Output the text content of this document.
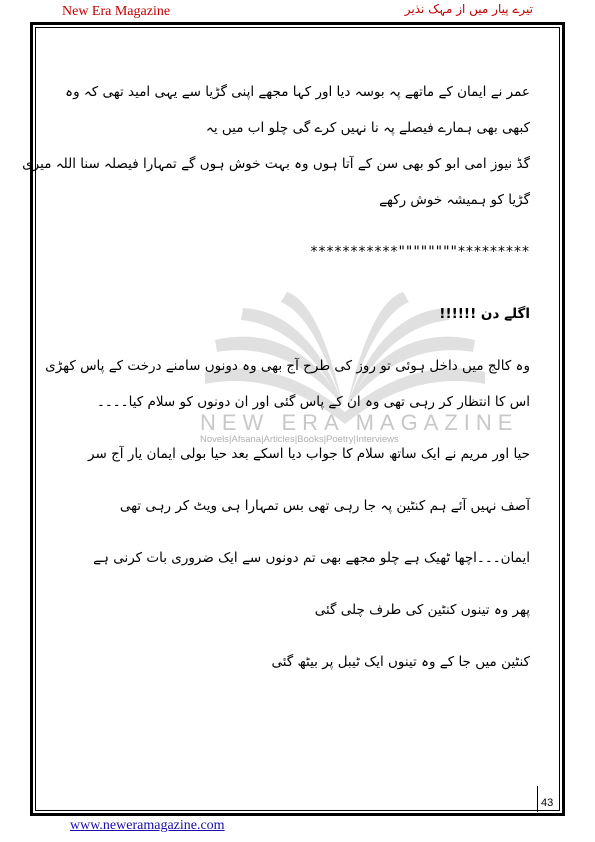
New Era Magazine	تیرے پیار میں از مہک نذیر
NEW ERA MAGAZINE
Novels|Afsana|Articles|Books|Poetry|Interviews
عمر نے ایمان کے ماتھے پہ بوسہ دیا اور کہا مجھے اپنی گڑیا سے یہی امید تھی کہ وہ
کبھی بھی ہمارے فیصلے پہ نا نہیں کرے گی چلو اب میں یہ
گڈ نیوز امی ابو کو بھی سن کے آتا ہوں وہ بہت خوش ہوں گے تمہارا فیصلہ سنا اللہ میری
گڑیا کو ہمیشہ خوش رکھے
***********""""""""*********
اگلے دن !!!!!!
وہ کالج میں داخل ہوئی تو روز کی طرح آج بھی وہ دونوں سامنے درخت کے پاس کھڑی
اس کا انتظار کر رہی تھی وہ ان کے پاس گئی اور ان دونوں کو سلام کیا۔۔۔۔
حیا اور مریم نے ایک ساتھ سلام کا جواب دیا اسکے بعد حیا بولی ایمان یار آج سر
آصف نہیں آئے ہم کنٹین پہ جا رہی تھی بس تمہارا ہی ویٹ کر رہی تھی
ایمان۔۔۔اچھا ٹھیک ہے چلو مجھے بھی تم دونوں سے ایک ضروری بات کرنی ہے
پھر وہ تینوں کنٹین کی طرف چلی گئی
کنٹین میں جا کے وہ تینوں ایک ٹیبل پر بیٹھ گئی
43
www.neweramagazine.com
